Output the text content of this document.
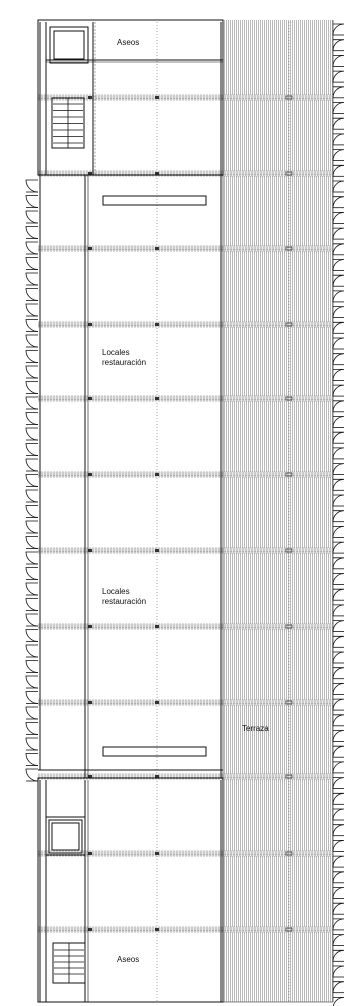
Aseos
Locales
restauración
Locales
restauración
Terraza
Aseos
